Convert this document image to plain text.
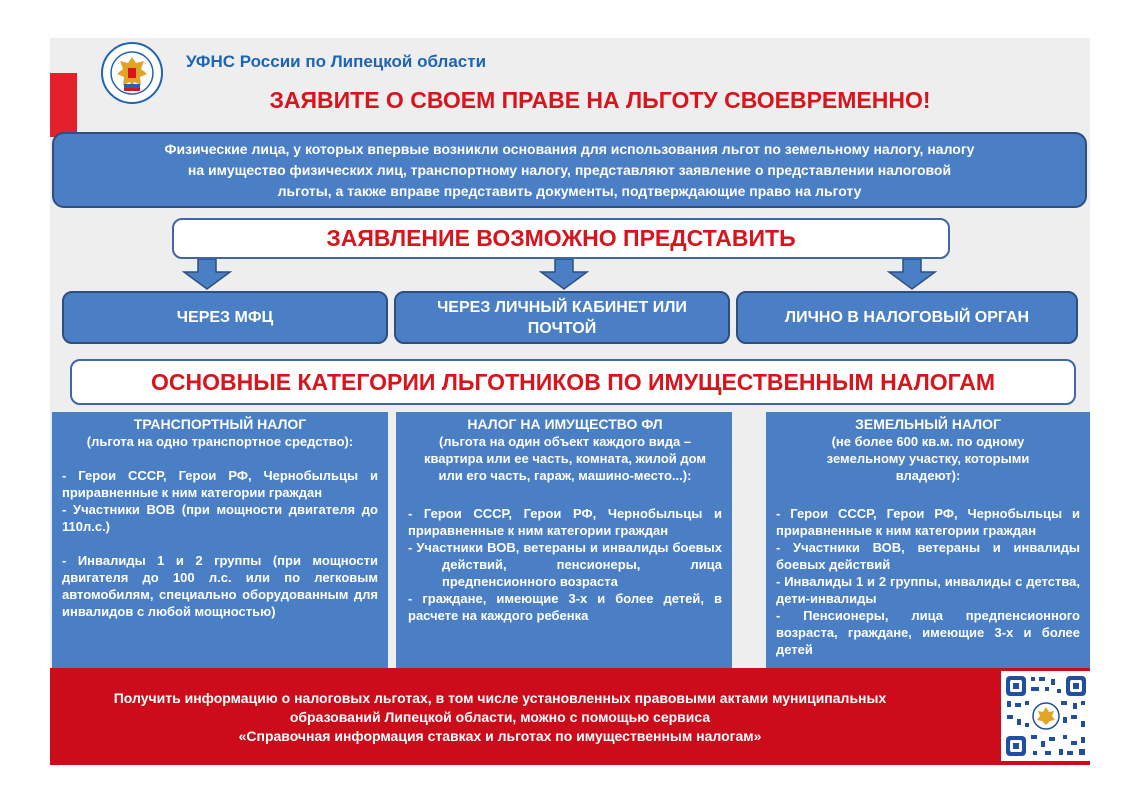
УФНС России по Липецкой области
ЗАЯВИТЕ О СВОЕМ ПРАВЕ НА ЛЬГОТУ СВОЕВРЕМЕННО!
Физические лица, у которых впервые возникли основания для использования льгот по земельному налогу, налогу
на имущество физических лиц, транспортному налогу, представляют заявление о представлении налоговой
льготы, а также вправе представить документы, подтверждающие право на льготу
ЗАЯВЛЕНИЕ ВОЗМОЖНО ПРЕДСТАВИТЬ
ЧЕРЕЗ МФЦ
ЧЕРЕЗ ЛИЧНЫЙ КАБИНЕТ ИЛИ ПОЧТОЙ
ЛИЧНО В НАЛОГОВЫЙ ОРГАН
ОСНОВНЫЕ КАТЕГОРИИ ЛЬГОТНИКОВ ПО ИМУЩЕСТВЕННЫМ НАЛОГАМ
ТРАНСПОРТНЫЙ НАЛОГ
(льгота на одно транспортное средство):
- Герои СССР, Герои РФ, Чернобыльцы и приравненные к ним категории граждан
- Участники ВОВ (при мощности двигателя до 110л.с.)
- Инвалиды 1 и 2 группы (при мощности двигателя до 100 л.с. или по легковым автомобилям, специально оборудованным для инвалидов с любой мощностью)
НАЛОГ НА ИМУЩЕСТВО ФЛ
(льгота на один объект каждого вида – квартира или ее часть, комната, жилой дом или его часть, гараж, машино-место...):
- Герои СССР, Герои РФ, Чернобыльцы и приравненные к ним категории граждан
- Участники ВОВ, ветераны и инвалиды боевых действий, пенсионеры, лица предпенсионного возраста
- граждане, имеющие 3-х и более детей, в расчете на каждого ребенка
ЗЕМЕЛЬНЫЙ НАЛОГ
(не более 600 кв.м. по одному земельному участку, которыми владеют):
- Герои СССР, Герои РФ, Чернобыльцы и приравненные к ним категории граждан
- Участники ВОВ, ветераны и инвалиды боевых действий
- Инвалиды 1 и 2 группы, инвалиды с детства, дети-инвалиды
- Пенсионеры, лица предпенсионного возраста, граждане, имеющие 3-х и более детей
Получить информацию о налоговых льготах, в том числе установленных правовыми актами муниципальных
образований Липецкой области, можно с помощью сервиса
«Справочная информация ставках и льготах по имущественным налогам»
